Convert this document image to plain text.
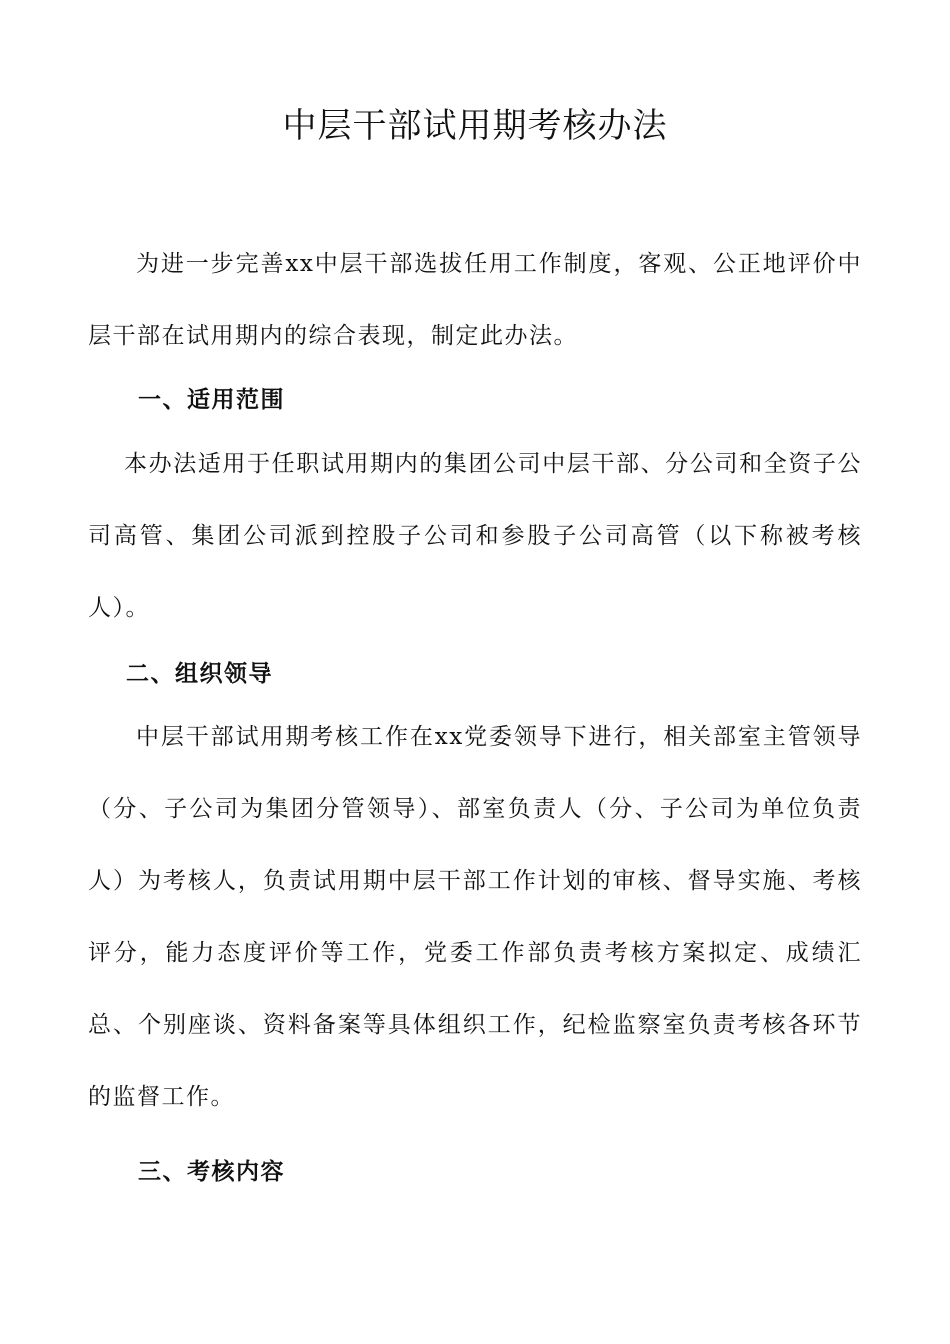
中层干部试用期考核办法

为进一步完善xx中层干部选拔任用工作制度，客观、公正地评价中层干部在试用期内的综合表现，制定此办法。

一、适用范围

本办法适用于任职试用期内的集团公司中层干部、分公司和全资子公司高管、集团公司派到控股子公司和参股子公司高管（以下称被考核人）。

二、组织领导

中层干部试用期考核工作在xx党委领导下进行，相关部室主管领导（分、子公司为集团分管领导）、部室负责人（分、子公司为单位负责人）为考核人，负责试用期中层干部工作计划的审核、督导实施、考核评分，能力态度评价等工作，党委工作部负责考核方案拟定、成绩汇总、个别座谈、资料备案等具体组织工作，纪检监察室负责考核各环节的监督工作。

三、考核内容
